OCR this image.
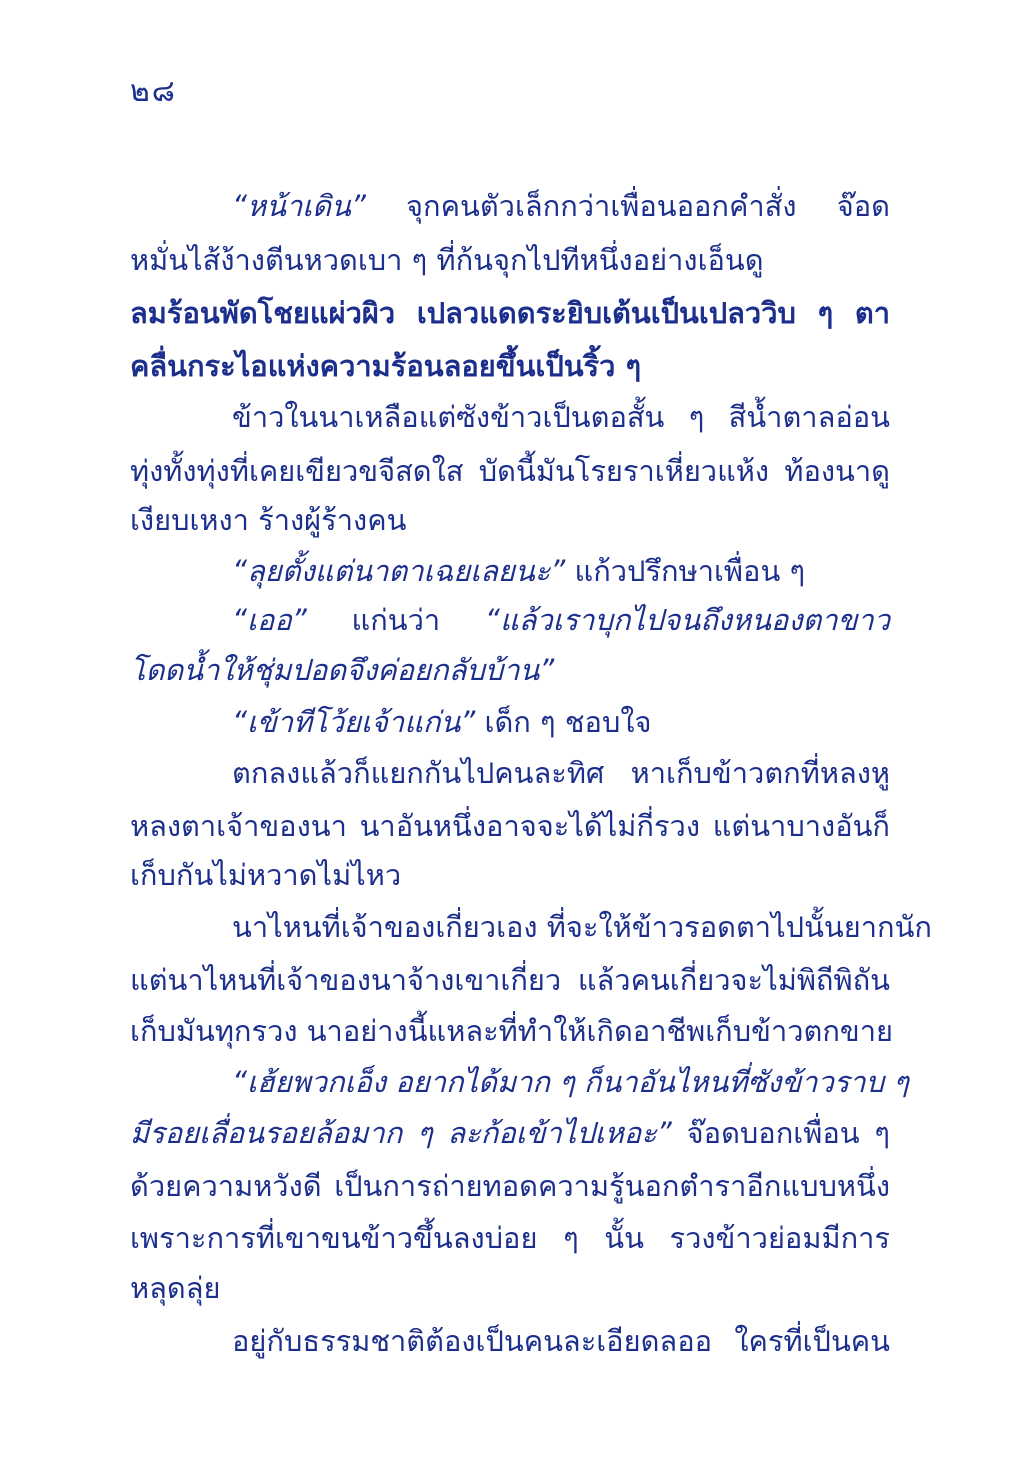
๒๘
“หน้าเดิน” จุกคนตัวเล็กกว่าเพื่อนออกคำสั่ง จ๊อด
หมั่นไส้ง้างตีนหวดเบา ๆ ที่ก้นจุกไปทีหนึ่งอย่างเอ็นดู
ลมร้อนพัดโชยแผ่วผิว เปลวแดดระยิบเต้นเป็นเปลววิบ ๆ ตา
คลื่นกระไอแห่งความร้อนลอยขึ้นเป็นริ้ว ๆ
ข้าวในนาเหลือแต่ซังข้าวเป็นตอสั้น ๆ สีน้ำตาลอ่อน
ทุ่งทั้งทุ่งที่เคยเขียวขจีสดใส บัดนี้มันโรยราเหี่ยวแห้ง ท้องนาดู
เงียบเหงา ร้างผู้ร้างคน
“ลุยตั้งแต่นาตาเฉยเลยนะ” แก้วปรึกษาเพื่อน ๆ
“เออ” แก่นว่า “แล้วเราบุกไปจนถึงหนองตาขาว
โดดน้ำให้ชุ่มปอดจึงค่อยกลับบ้าน”
“เข้าทีโว้ยเจ้าแก่น” เด็ก ๆ ชอบใจ
ตกลงแล้วก็แยกกันไปคนละทิศ หาเก็บข้าวตกที่หลงหู
หลงตาเจ้าของนา นาอันหนึ่งอาจจะได้ไม่กี่รวง แต่นาบางอันก็
เก็บกันไม่หวาดไม่ไหว
นาไหนที่เจ้าของเกี่ยวเอง ที่จะให้ข้าวรอดตาไปนั้นยากนัก
แต่นาไหนที่เจ้าของนาจ้างเขาเกี่ยว แล้วคนเกี่ยวจะไม่พิถีพิถัน
เก็บมันทุกรวง นาอย่างนี้แหละที่ทำให้เกิดอาชีพเก็บข้าวตกขาย
“เฮ้ยพวกเอ็ง อยากได้มาก ๆ ก็นาอันไหนที่ซังข้าวราบ ๆ
มีรอยเลื่อนรอยล้อมาก ๆ ละก้อเข้าไปเหอะ” จ๊อดบอกเพื่อน ๆ
ด้วยความหวังดี เป็นการถ่ายทอดความรู้นอกตำราอีกแบบหนึ่ง
เพราะการที่เขาขนข้าวขึ้นลงบ่อย ๆ นั้น รวงข้าวย่อมมีการ
หลุดลุ่ย
อยู่กับธรรมชาติต้องเป็นคนละเอียดลออ ใครที่เป็นคน
